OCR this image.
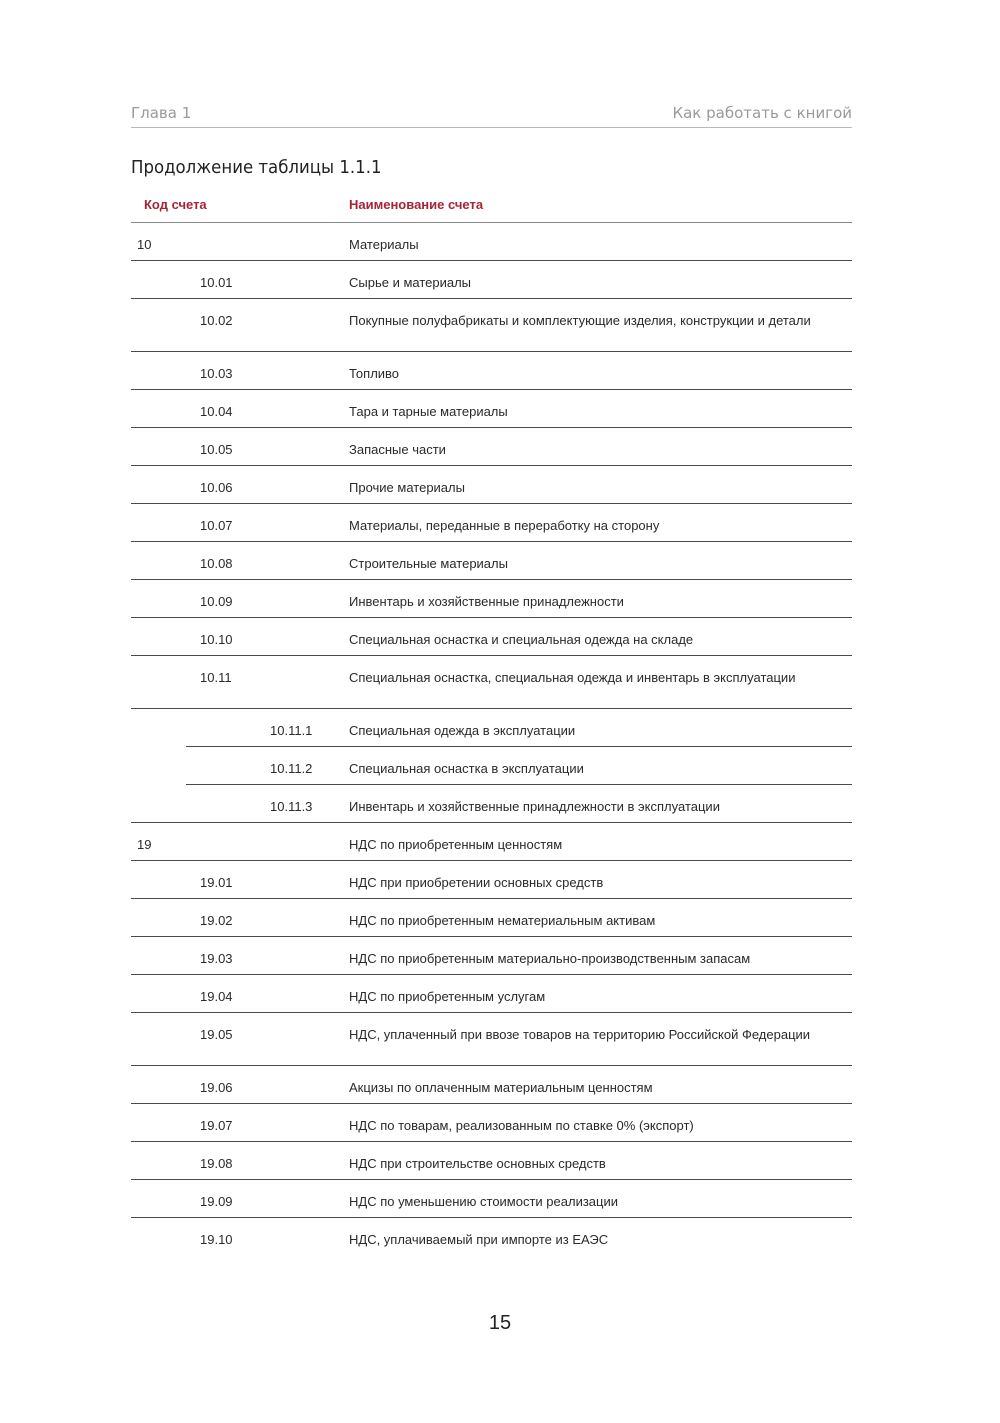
Глава 1	Как работать с книгой
Продолжение таблицы 1.1.1
Код счета	Наименование счета
10	Материалы
10.01	Сырье и материалы
10.02	Покупные полуфабрикаты и комплектующие изделия, конструкции и детали
10.03	Топливо
10.04	Тара и тарные материалы
10.05	Запасные части
10.06	Прочие материалы
10.07	Материалы, переданные в переработку на сторону
10.08	Строительные материалы
10.09	Инвентарь и хозяйственные принадлежности
10.10	Специальная оснастка и специальная одежда на складе
10.11	Специальная оснастка, специальная одежда и инвентарь в эксплуатации
10.11.1	Специальная одежда в эксплуатации
10.11.2	Специальная оснастка в эксплуатации
10.11.3	Инвентарь и хозяйственные принадлежности в эксплуатации
19	НДС по приобретенным ценностям
19.01	НДС при приобретении основных средств
19.02	НДС по приобретенным нематериальным активам
19.03	НДС по приобретенным материально-производственным запасам
19.04	НДС по приобретенным услугам
19.05	НДС, уплаченный при ввозе товаров на территорию Российской Федерации
19.06	Акцизы по оплаченным материальным ценностям
19.07	НДС по товарам, реализованным по ставке 0% (экспорт)
19.08	НДС при строительстве основных средств
19.09	НДС по уменьшению стоимости реализации
19.10	НДС, уплачиваемый при импорте из ЕАЭС
15
